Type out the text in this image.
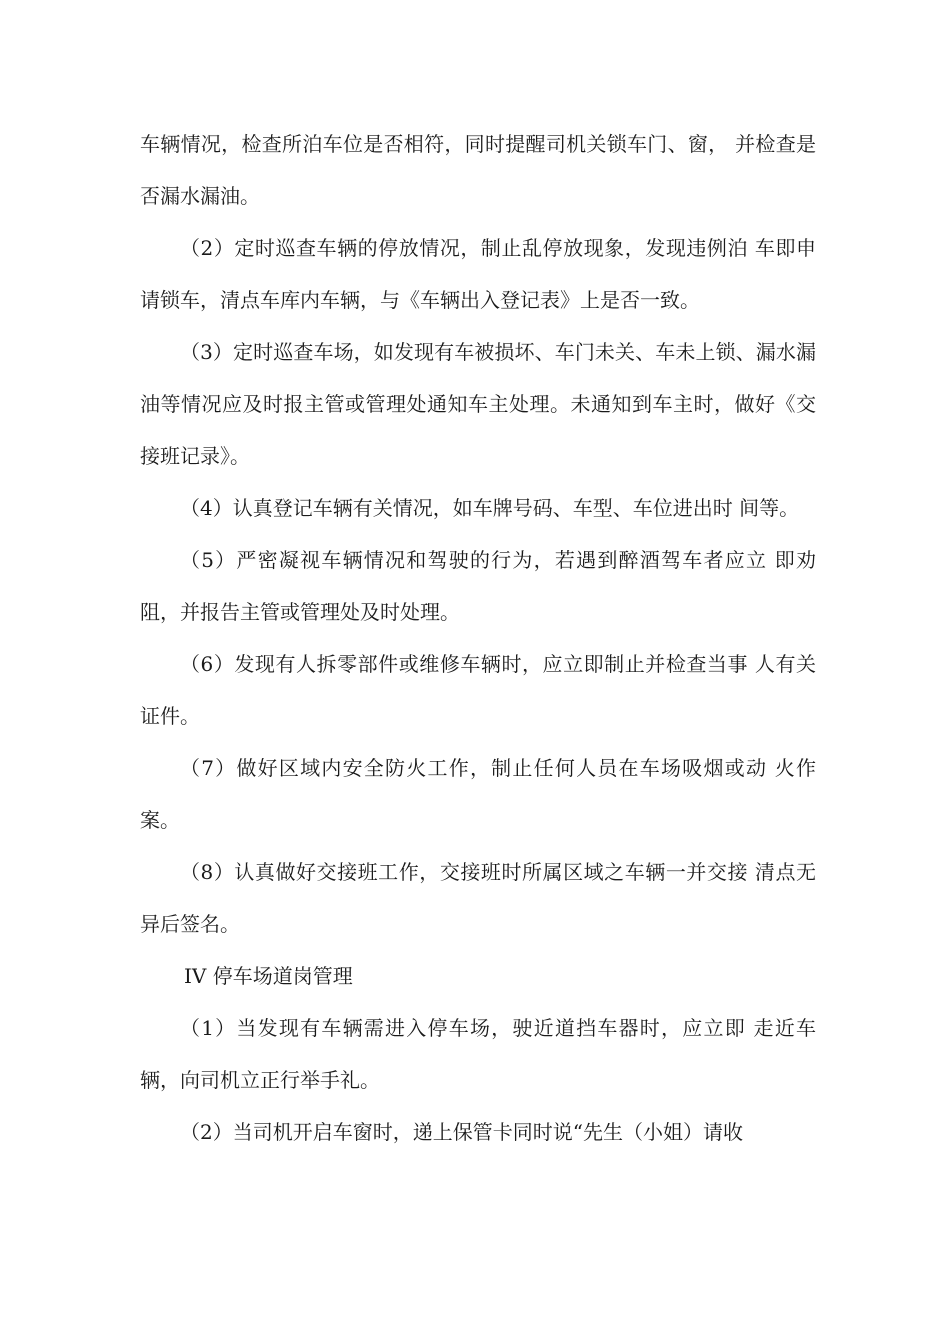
车辆情况，检查所泊车位是否相符，同时提醒司机关锁车门、窗， 并检查是否漏水漏油。

（2）定时巡查车辆的停放情况，制止乱停放现象，发现违例泊 车即申请锁车，清点车库内车辆，与《车辆出入登记表》上是否一致。

（3）定时巡查车场，如发现有车被损坏、车门未关、车未上锁、漏水漏油等情况应及时报主管或管理处通知车主处理。未通知到车主时，做好《交接班记录》。

（4）认真登记车辆有关情况，如车牌号码、车型、车位进出时 间等。

（5）严密凝视车辆情况和驾驶的行为，若遇到醉酒驾车者应立 即劝阻，并报告主管或管理处及时处理。

（6）发现有人拆零部件或维修车辆时，应立即制止并检查当事 人有关证件。

（7）做好区域内安全防火工作，制止任何人员在车场吸烟或动 火作案。

（8）认真做好交接班工作，交接班时所属区域之车辆一并交接 清点无异后签名。

IV 停车场道岗管理

（1）当发现有车辆需进入停车场，驶近道挡车器时，应立即 走近车辆，向司机立正行举手礼。

（2）当司机开启车窗时，递上保管卡同时说“先生（小姐）请收
